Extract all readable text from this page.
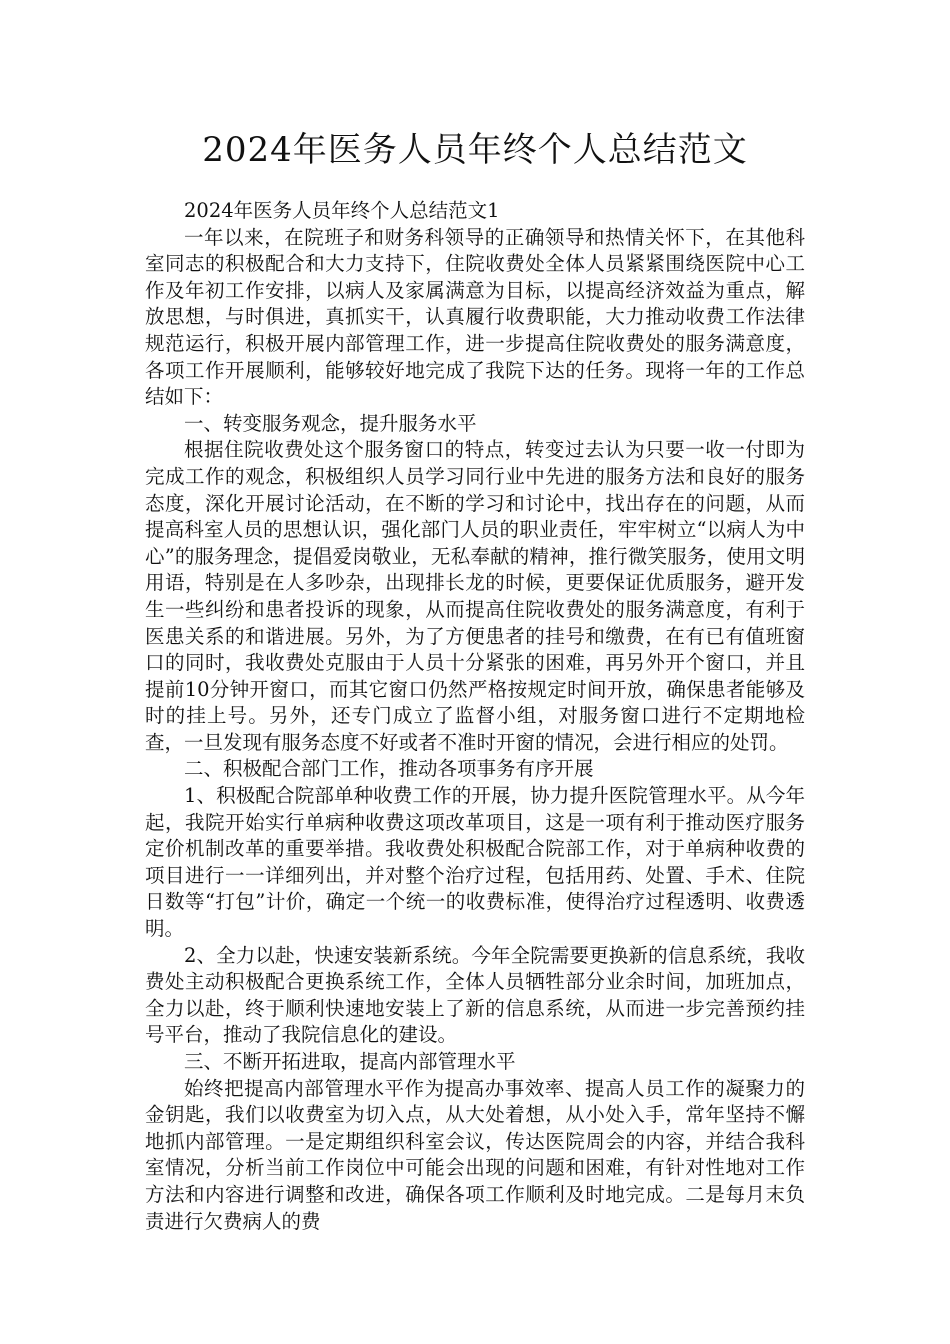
2024年医务人员年终个人总结范文

2024年医务人员年终个人总结范文1

一年以来，在院班子和财务科领导的正确领导和热情关怀下，在其他科室同志的积极配合和大力支持下，住院收费处全体人员紧紧围绕医院中心工作及年初工作安排，以病人及家属满意为目标，以提高经济效益为重点，解放思想，与时俱进，真抓实干，认真履行收费职能，大力推动收费工作法律规范运行，积极开展内部管理工作，进一步提高住院收费处的服务满意度，各项工作开展顺利，能够较好地完成了我院下达的任务。现将一年的工作总结如下：

一、转变服务观念，提升服务水平

根据住院收费处这个服务窗口的特点，转变过去认为只要一收一付即为完成工作的观念，积极组织人员学习同行业中先进的服务方法和良好的服务态度，深化开展讨论活动，在不断的学习和讨论中，找出存在的问题，从而提高科室人员的思想认识，强化部门人员的职业责任，牢牢树立“以病人为中心”的服务理念，提倡爱岗敬业，无私奉献的精神，推行微笑服务，使用文明用语，特别是在人多吵杂，出现排长龙的时候，更要保证优质服务，避开发生一些纠纷和患者投诉的现象，从而提高住院收费处的服务满意度，有利于医患关系的和谐进展。另外，为了方便患者的挂号和缴费，在有已有值班窗口的同时，我收费处克服由于人员十分紧张的困难，再另外开个窗口，并且提前10分钟开窗口，而其它窗口仍然严格按规定时间开放，确保患者能够及时的挂上号。另外，还专门成立了监督小组，对服务窗口进行不定期地检查，一旦发现有服务态度不好或者不准时开窗的情况，会进行相应的处罚。

二、积极配合部门工作，推动各项事务有序开展

1、积极配合院部单种收费工作的开展，协力提升医院管理水平。从今年起，我院开始实行单病种收费这项改革项目，这是一项有利于推动医疗服务定价机制改革的重要举措。我收费处积极配合院部工作，对于单病种收费的项目进行一一详细列出，并对整个治疗过程，包括用药、处置、手术、住院日数等“打包”计价，确定一个统一的收费标准，使得治疗过程透明、收费透明。

2、全力以赴，快速安装新系统。今年全院需要更换新的信息系统，我收费处主动积极配合更换系统工作，全体人员牺牲部分业余时间，加班加点，全力以赴，终于顺利快速地安装上了新的信息系统，从而进一步完善预约挂号平台，推动了我院信息化的建设。

三、不断开拓进取，提高内部管理水平

始终把提高内部管理水平作为提高办事效率、提高人员工作的凝聚力的金钥匙，我们以收费室为切入点，从大处着想，从小处入手，常年坚持不懈地抓内部管理。一是定期组织科室会议，传达医院周会的内容，并结合我科室情况，分析当前工作岗位中可能会出现的问题和困难，有针对性地对工作方法和内容进行调整和改进，确保各项工作顺利及时地完成。二是每月末负责进行欠费病人的费
